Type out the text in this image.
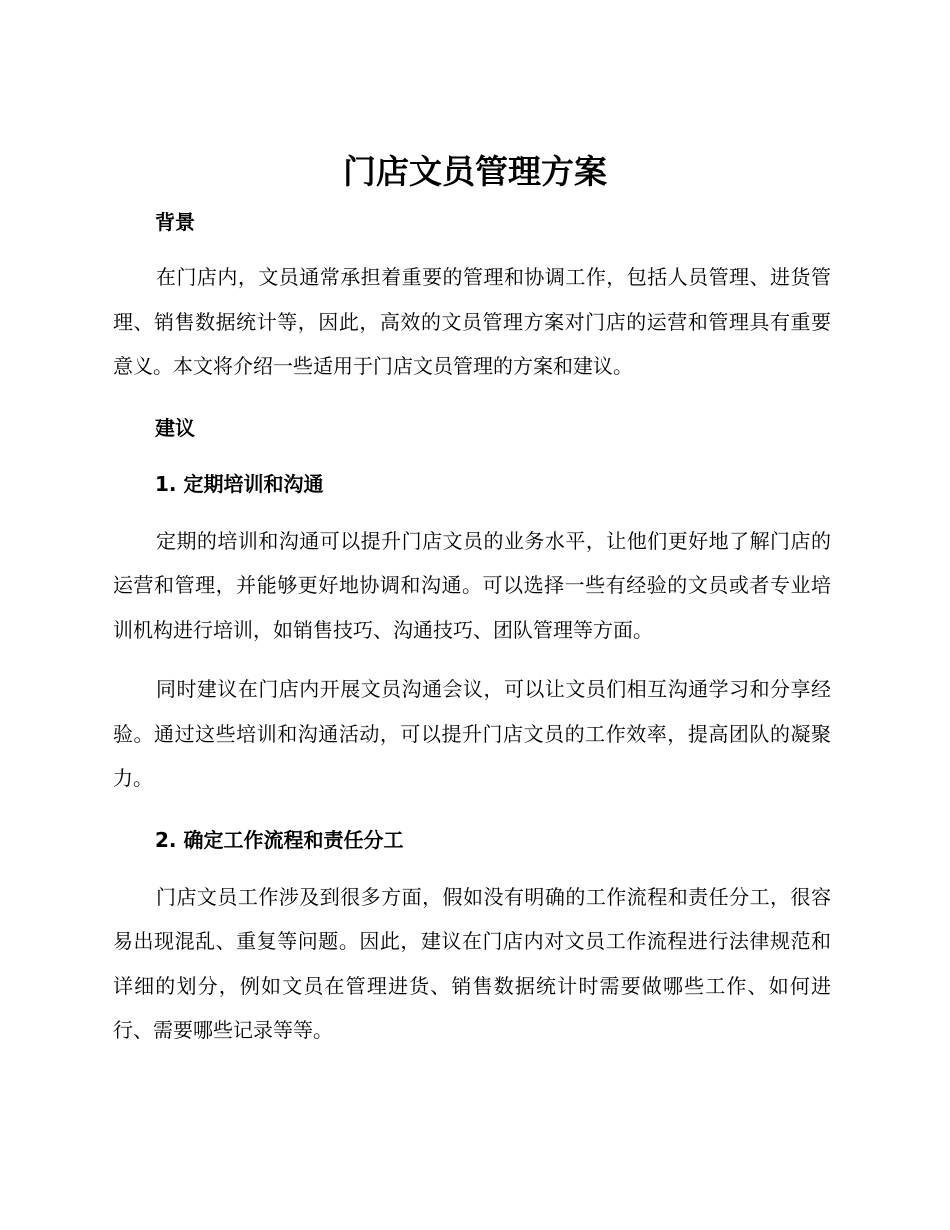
门店文员管理方案
背景

在门店内，文员通常承担着重要的管理和协调工作，包括人员管理、进货管理、销售数据统计等，因此，高效的文员管理方案对门店的运营和管理具有重要意义。本文将介绍一些适用于门店文员管理的方案和建议。

建议
1. 定期培训和沟通

定期的培训和沟通可以提升门店文员的业务水平，让他们更好地了解门店的运营和管理，并能够更好地协调和沟通。可以选择一些有经验的文员或者专业培训机构进行培训，如销售技巧、沟通技巧、团队管理等方面。

同时建议在门店内开展文员沟通会议，可以让文员们相互沟通学习和分享经验。通过这些培训和沟通活动，可以提升门店文员的工作效率，提高团队的凝聚力。

2. 确定工作流程和责任分工

门店文员工作涉及到很多方面，假如没有明确的工作流程和责任分工，很容易出现混乱、重复等问题。因此，建议在门店内对文员工作流程进行法律规范和详细的划分，例如文员在管理进货、销售数据统计时需要做哪些工作、如何进行、需要哪些记录等等。
